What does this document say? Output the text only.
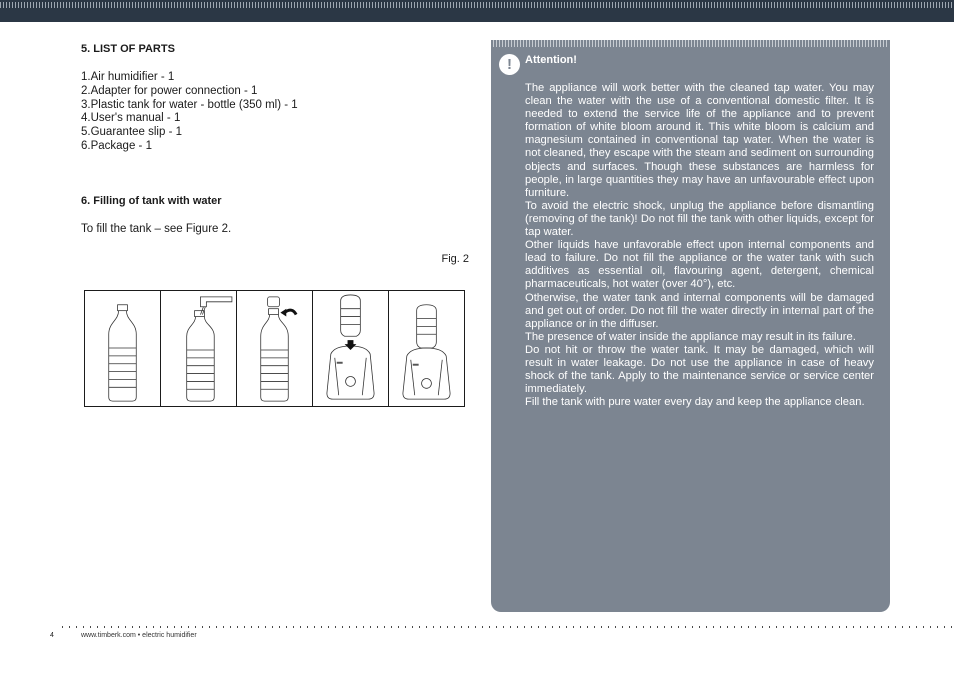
5. LIST OF PARTS
1.Air humidifier - 1
2.Adapter for power connection - 1
3.Plastic tank for water - bottle (350 ml) - 1
4.User's manual - 1
5.Guarantee slip - 1
6.Package - 1
6. Filling of tank with water
To fill the tank – see Figure 2.
Fig. 2
!	Attention!

The appliance will work better with the cleaned tap water. You may clean the water with the use of a conventional domestic filter. It is needed to extend the service life of the appliance and to prevent formation of white bloom around it. This white bloom is calcium and magnesium contained in conventional tap water. When the water is not cleaned, they escape with the steam and sediment on surrounding objects and surfaces. Though these substances are harmless for people, in large quantities they may have an unfavourable effect upon furniture.

To avoid the electric shock, unplug the appliance before dismantling (removing of the tank)! Do not fill the tank with other liquids, except for tap water.

Other liquids have unfavorable effect upon internal components and lead to failure. Do not fill the appliance or the water tank with such additives as essential oil, flavouring agent, detergent, chemical pharmaceuticals, hot water (over 40°), etc.

Otherwise, the water tank and internal components will be damaged and get out of order. Do not fill the water directly in internal part of the appliance or in the diffuser.

The presence of water inside the appliance may result in its failure.

Do not hit or throw the water tank. It may be damaged, which will result in water leakage. Do not use the appliance in case of heavy shock of the tank. Apply to the maintenance service or service center immediately.

Fill the tank with pure water every day and keep the appliance clean.

4	www.timberk.com • electric humidifier
